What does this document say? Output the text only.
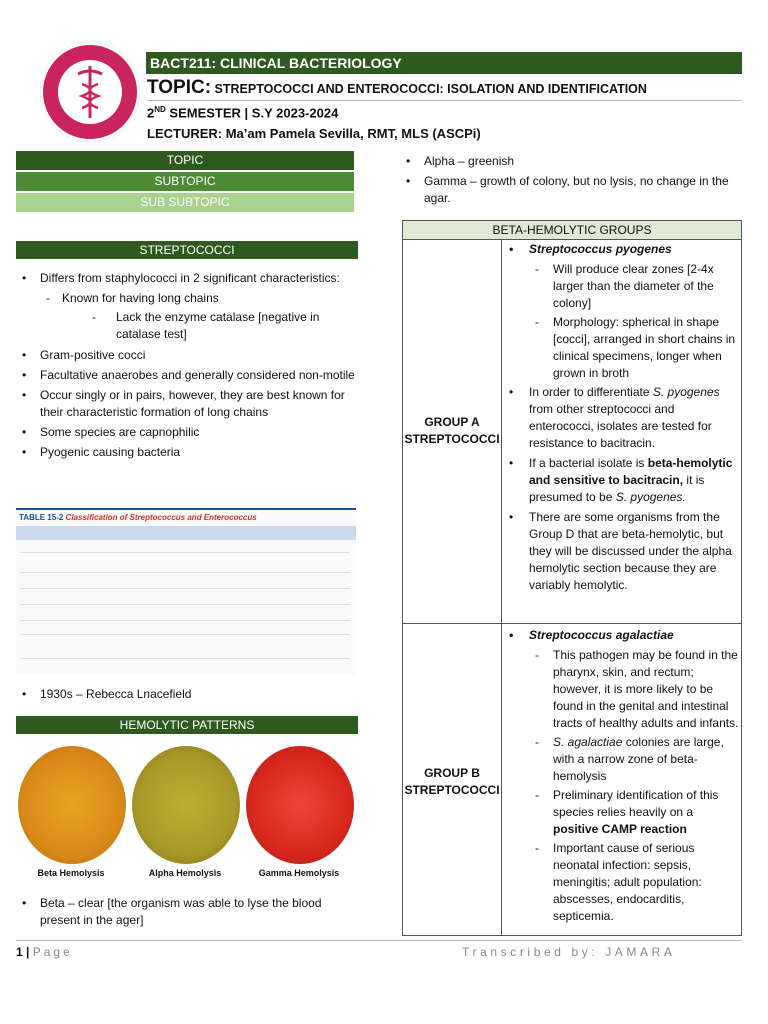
BACT211: CLINICAL BACTERIOLOGY
TOPIC: STREPTOCOCCI AND ENTEROCOCCI: ISOLATION AND IDENTIFICATION
2ND SEMESTER | S.Y 2023-2024
LECTURER: Ma’am Pamela Sevilla, RMT, MLS (ASCPi)
TOPIC
SUBTOPIC
SUB SUBTOPIC
STREPTOCOCCI
• Differs from staphylococci in 2 significant characteristics:
- Known for having long chains
- Lack the enzyme catalase [negative in catalase test]
• Gram-positive cocci
• Facultative anaerobes and generally considered non-motile
• Occur singly or in pairs, however, they are best known for their characteristic formation of long chains
• Some species are capnophilic
• Pyogenic causing bacteria
TABLE 15-2 Classification of Streptococcus and Enterococcus
• 1930s – Rebecca Lnacefield
HEMOLYTIC PATTERNS
Beta Hemolysis	Alpha Hemolysis	Gamma Hemolysis
• Beta – clear [the organism was able to lyse the blood present in the ager]
• Alpha – greenish
• Gamma – growth of colony, but no lysis, no change in the agar.
BETA-HEMOLYTIC GROUPS
GROUP A STREPTOCOCCI
• Streptococcus pyogenes
- Will produce clear zones [2-4x larger than the diameter of the colony]
- Morphology: spherical in shape [cocci], arranged in short chains in clinical specimens, longer when grown in broth
• In order to differentiate S. pyogenes from other streptococci and enterococci, isolates are tested for resistance to bacitracin.
• If a bacterial isolate is beta-hemolytic and sensitive to bacitracin, it is presumed to be S. pyogenes.
• There are some organisms from the Group D that are beta-hemolytic, but they will be discussed under the alpha hemolytic section because they are variably hemolytic.
GROUP B STREPTOCOCCI
• Streptococcus agalactiae
- This pathogen may be found in the pharynx, skin, and rectum; however, it is more likely to be found in the genital and intestinal tracts of healthy adults and infants.
- S. agalactiae colonies are large, with a narrow zone of beta-hemolysis
- Preliminary identification of this species relies heavily on a positive CAMP reaction
- Important cause of serious neonatal infection: sepsis, meningitis; adult population: abscesses, endocarditis, septicemia.
1 | Page	Transcribed by: JAMARA
